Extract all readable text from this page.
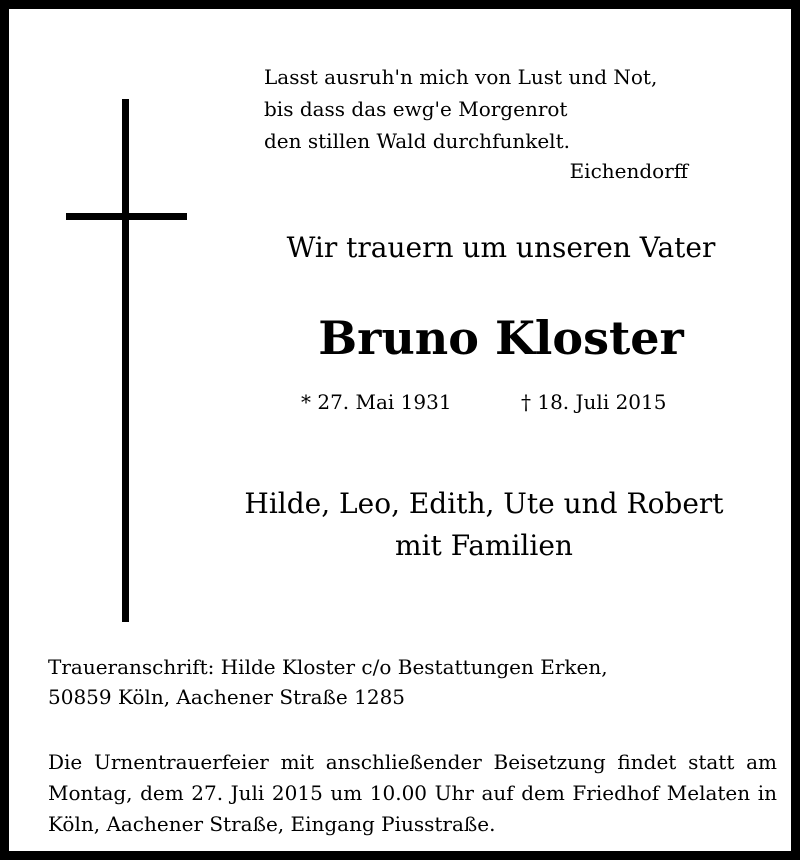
Lasst ausruh'n mich von Lust und Not,
bis dass das ewg'e Morgenrot
den stillen Wald durchfunkelt.
Eichendorff
Wir trauern um unseren Vater
Bruno Kloster
* 27. Mai 1931	† 18. Juli 2015
Hilde, Leo, Edith, Ute und Robert
mit Familien
Traueranschrift: Hilde Kloster c/o Bestattungen Erken,
50859 Köln, Aachener Straße 1285
Die Urnentrauerfeier mit anschließender Beisetzung findet statt am
Montag, dem 27. Juli 2015 um 10.00 Uhr auf dem Friedhof Melaten in
Köln, Aachener Straße, Eingang Piusstraße.
